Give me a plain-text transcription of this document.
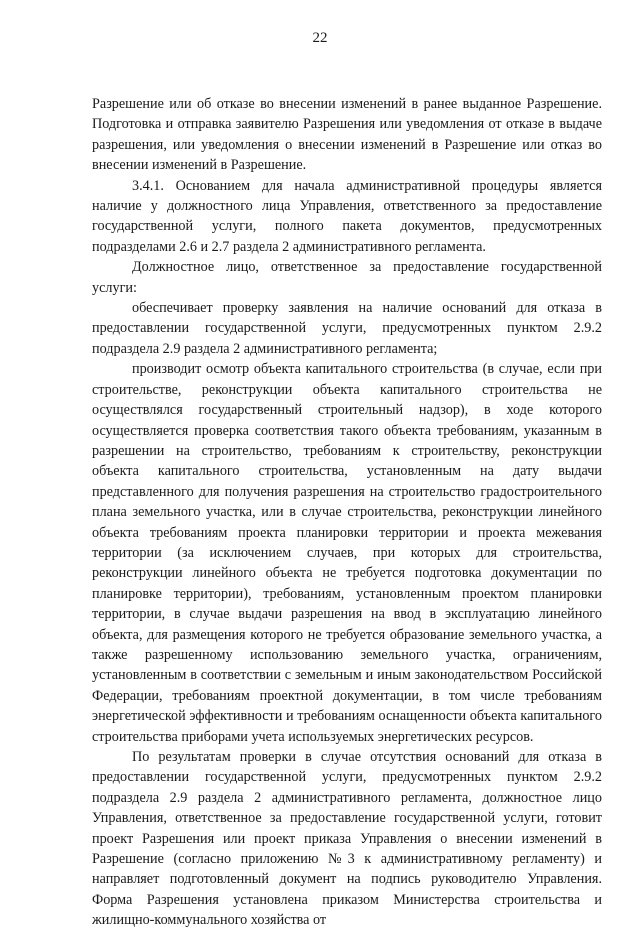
22

Разрешение или об отказе во внесении изменений в ранее выданное Разрешение. Подготовка и отправка заявителю Разрешения или уведомления от отказе в выдаче разрешения, или уведомления о внесении изменений в Разрешение или отказ во внесении изменений в Разрешение.

3.4.1. Основанием для начала административной процедуры является наличие у должностного лица Управления, ответственного за предоставление государственной услуги, полного пакета документов, предусмотренных подразделами 2.6 и 2.7 раздела 2 административного регламента.

Должностное лицо, ответственное за предоставление государственной услуги:

обеспечивает проверку заявления на наличие оснований для отказа в предоставлении государственной услуги, предусмотренных пунктом 2.9.2 подраздела 2.9 раздела 2 административного регламента;

производит осмотр объекта капитального строительства (в случае, если при строительстве, реконструкции объекта капитального строительства не осуществлялся государственный строительный надзор), в ходе которого осуществляется проверка соответствия такого объекта требованиям, указанным в разрешении на строительство, требованиям к строительству, реконструкции объекта капитального строительства, установленным на дату выдачи представленного для получения разрешения на строительство градостроительного плана земельного участка, или в случае строительства, реконструкции линейного объекта требованиям проекта планировки территории и проекта межевания территории (за исключением случаев, при которых для строительства, реконструкции линейного объекта не требуется подготовка документации по планировке территории), требованиям, установленным проектом планировки территории, в случае выдачи разрешения на ввод в эксплуатацию линейного объекта, для размещения которого не требуется образование земельного участка, а также разрешенному использованию земельного участка, ограничениям, установленным в соответствии с земельным и иным законодательством Российской Федерации, требованиям проектной документации, в том числе требованиям энергетической эффективности и требованиям оснащенности объекта капитального строительства приборами учета используемых энергетических ресурсов.

По результатам проверки в случае отсутствия оснований для отказа в предоставлении государственной услуги, предусмотренных пунктом 2.9.2 подраздела 2.9 раздела 2 административного регламента, должностное лицо Управления, ответственное за предоставление государственной услуги, готовит проект Разрешения или проект приказа Управления о внесении изменений в Разрешение (согласно приложению №3 к административному регламенту) и направляет подготовленный документ на подпись руководителю Управления. Форма Разрешения установлена приказом Министерства строительства и жилищно-коммунального хозяйства от
